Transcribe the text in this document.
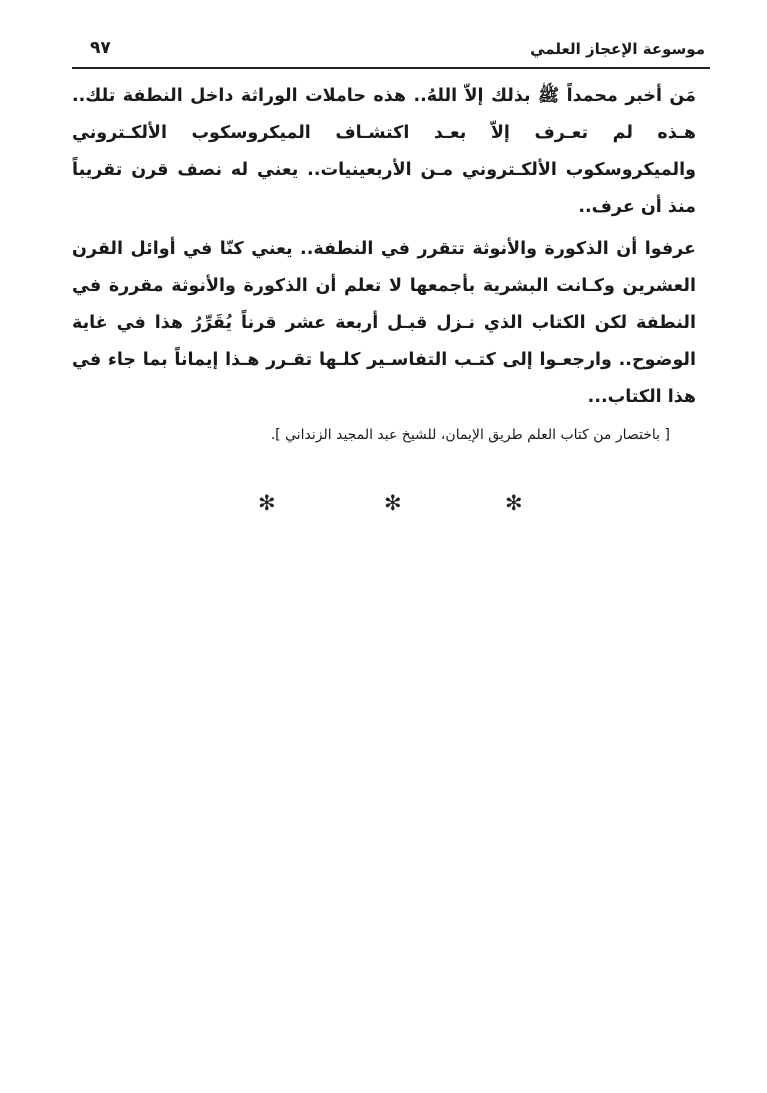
موسوعة الإعجاز العلمي
٩٧

مَن أخبر محمداً ﷺ بذلك إلاّ اللهُ.. هذه حاملات الوراثة داخل النطفة تلك.. هـذه لم تعـرف إلاّ بعـد اكتشـاف الميكروسكوب الألكـتروني والميكروسكوب الألكـتروني مـن الأربعينيات.. يعني له نصف قرن تقريباً منذ أن عرف..

عرفوا أن الذكورة والأنوثة تتقرر في النطفة.. يعني كنّا في أوائل القرن العشرين وكـانت البشرية بأجمعها لا تعلم أن الذكورة والأنوثة مقررة في النطفة لكن الكتاب الذي نـزل قبـل أربعة عشر قرناً يُقَرِّرُ هذا في غاية الوضوح.. وارجعـوا إلى كتـب التفاسـير كلـها تقـرر هـذا إيماناً بما جاء في هذا الكتاب...

[ باختصار من كتاب العلم طريق الإيمان، للشيخ عبد المجيد الزنداني ].

✻	✻	✻
